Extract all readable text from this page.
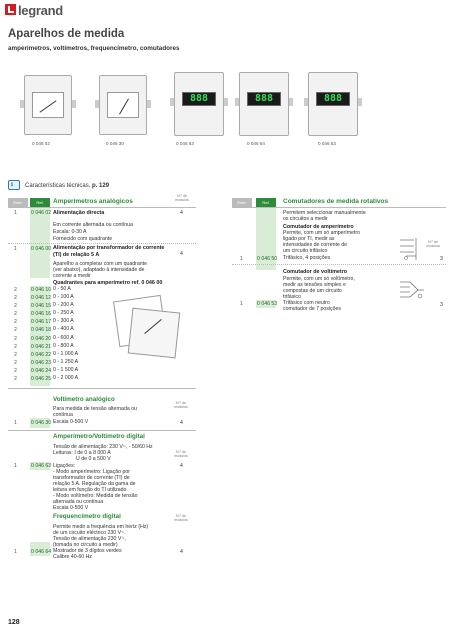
legrand
Aparelhos de medida
amperímetros, voltímetros, frequencímetro, comutadores
888	888	888
0 046 02	0 046 30	0 046 63	0 046 64	0 046 53
ℹ Características técnicas, p. 129
Emb.	Ref.	Amperímetros analógicos
N.º de módulos
1	0 046 02 Alimentação directa	4
Em corrente alternada ou contínua
Escala: 0-30 A
Fornecido com quadrante
1	0 046 00 Alimentação por transformador de corrente (TI) de relação 5 A	4
Aparelho a completar com um quadrante
(ver abaixo), adaptado à intensidade de
corrente a medir
Quadrantes para amperímetro ref. 0 046 00
2	0 046 10 0 - 50 A
2	0 046 12 0 - 100 A
2	0 046 15 0 - 200 A
2	0 046 16 0 - 250 A
2	0 046 17 0 - 300 A
2	0 046 18 0 - 400 A
2	0 046 20 0 - 600 A
2	0 046 21 0 - 800 A
2	0 046 22 0 - 1 000 A
2	0 046 23 0 - 1 250 A
2	0 046 24 0 - 1 500 A
2	0 046 25 0 - 2 000 A
Voltímetro analógico	N.º de módulos
Para medida de tensão alternada ou
contínua
1	0 046 30 Escala 0-500 V	4
Amperímetro/Voltímetro digital
N.º de módulos
Tensão de alimentação: 230 V~, - 50/60 Hz
Leituras: I de 0 a 8 000 A
U de 0 a 500 V
Ligações:
- Modo amperímetro: Ligação por
transformador de corrente (TI) de
relação 5 A. Regulação da gama de
leitura em função do TI utilizado
- Modo voltímetro: Medida de tensão
alternada ou contínua
Escala 0-500 V
1	0 046 63	4
Frequencímetro digital	N.º de módulos
Permite medir a frequência em hertz (Hz)
de um circuito eléctrico 230 V~.
Tensão de alimentação 230 V~,
(tomada no circuito a medir)
1	0 046 64 Mostrador de 3 dígitos verdes
Calibre 40-60 Hz
4
Emb.	Ref.	Comutadores de medida rotativos
Permitem seleccionar manualmente
os circuitos a medir
Comutador de amperímetro
Permite, com um só amperímetro
ligado por TI, medir as
intensidades de corrente de
um circuito trifásico
1	0 046 50 Trifásico, 4 posições
N.º de módulos
3
Comutador de voltímetro
Permite, com um só voltímetro,
medir as tensões simples e
compostas de um circuito
trifásico
1	0 046 53 Trifásico com neutro
comutador de 7 posições
3
128
